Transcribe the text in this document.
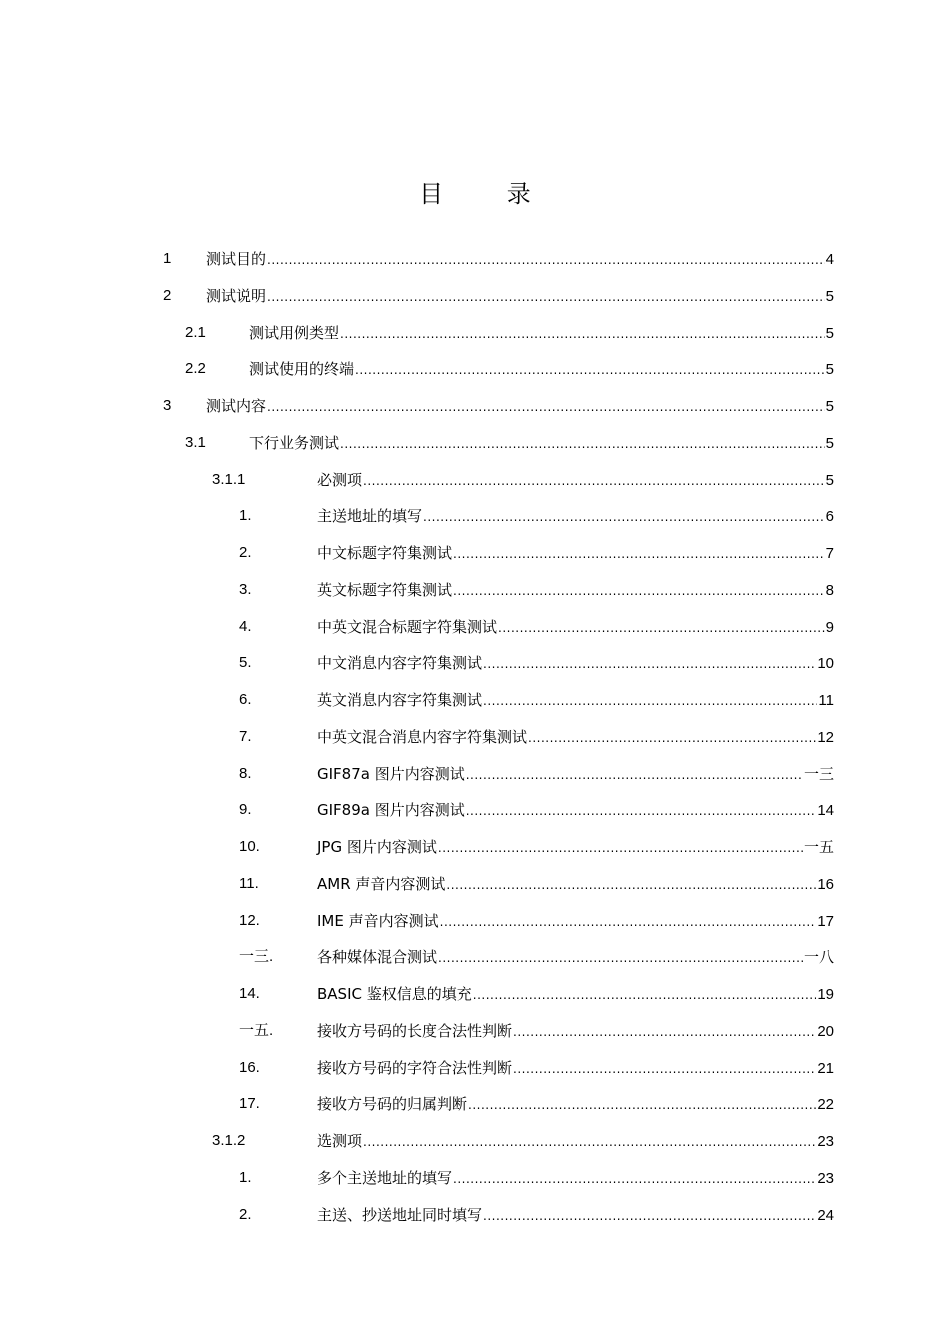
目 录
1 测试目的 .....	4
2 测试说明 .....	5
2.1	测试用例类型 .....	5
2.2	测试使用的终端 .....	5
3 测试内容 .....	5
3.1	下行业务测试 .....	5
3.1.1	必测项 .....	5
1.	主送地址的填写 .....	6
2.	中文标题字符集测试 .....	7
3.	英文标题字符集测试 .....	8
4.	中英文混合标题字符集测试 .....	9
5.	中文消息内容字符集测试 .....	10
6.	英文消息内容字符集测试 .....	11
7.	中英文混合消息内容字符集测试 .....	12
8.	GIF87a 图片内容测试 .....	一三
9.	GIF89a 图片内容测试 .....	14
10.	JPG 图片内容测试 .....	一五
11.	AMR 声音内容测试 .....	16
12.	IME 声音内容测试 .....	17
一三.	各种媒体混合测试 .....	一八
14.	BASIC 鉴权信息的填充 .....	19
一五.	接收方号码的长度合法性判断 .....	20
16.	接收方号码的字符合法性判断 .....	21
17.	接收方号码的归属判断 .....	22
3.1.2	选测项 .....	23
1.	多个主送地址的填写 .....	23
2.	主送、抄送地址同时填写 .....	24
